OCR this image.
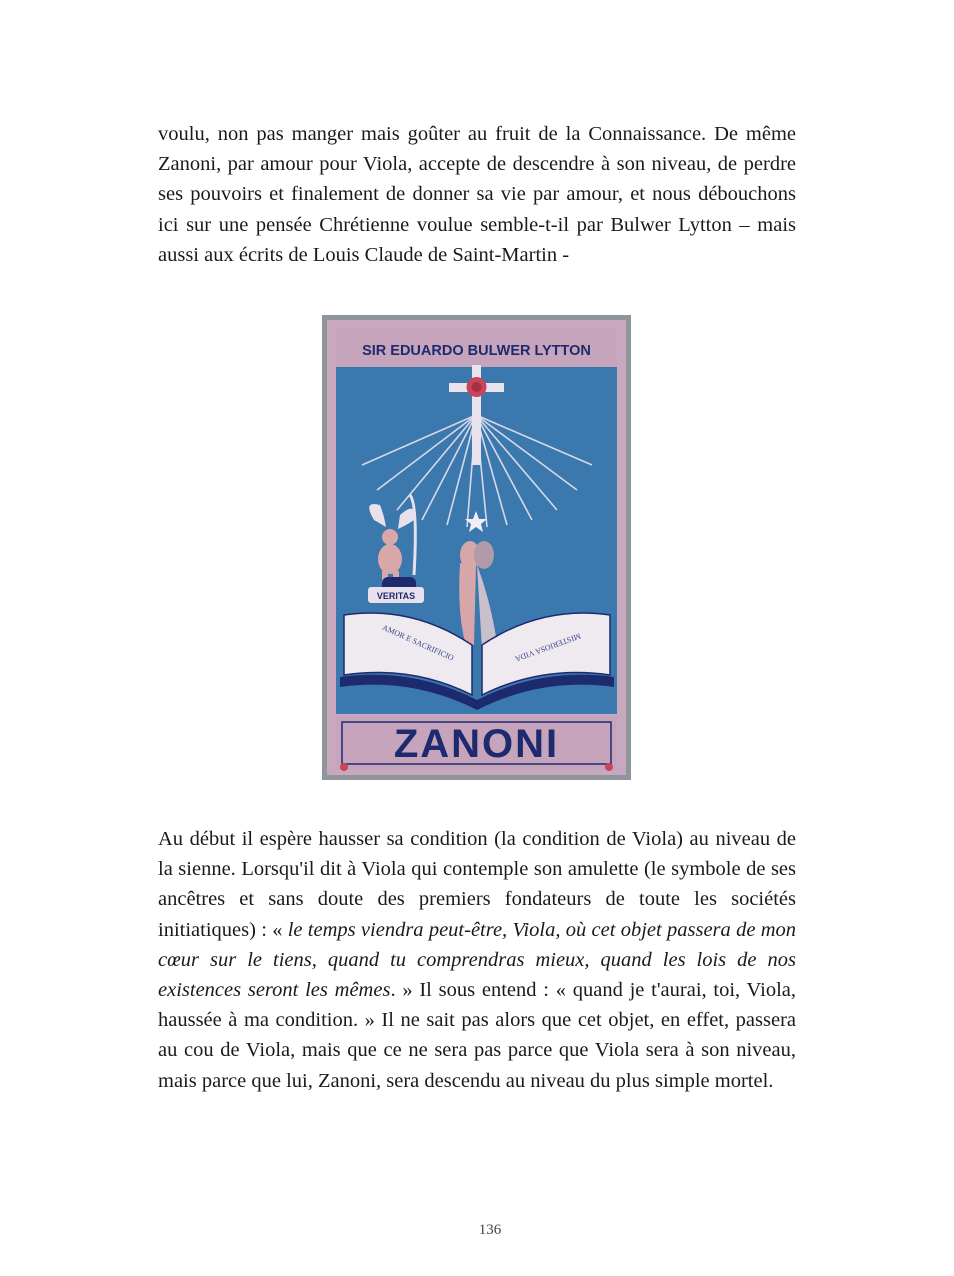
voulu, non pas manger mais goûter au fruit de la Connaissance. De même Zanoni, par amour pour Viola, accepte de descendre à son niveau, de perdre ses pouvoirs et finalement de donner sa vie par amour, et nous débouchons ici sur une pensée Chrétienne voulue semble-t-il par Bulwer Lytton – mais aussi aux écrits de Louis Claude de Saint-Martin -

SIR EDUARDO BULWER LYTTON
VERITAS
AMOR E SACRIFICIO	MISTERIOSA VIDA
ZANONI

Au début il espère hausser sa condition (la condition de Viola) au niveau de la sienne. Lorsqu'il dit à Viola qui contemple son amulette (le symbole de ses ancêtres et sans doute des premiers fondateurs de toute les sociétés initiatiques) : « le temps viendra peut-être, Viola, où cet objet passera de mon cœur sur le tiens, quand tu comprendras mieux, quand les lois de nos existences seront les mêmes. » Il sous entend : « quand je t'aurai, toi, Viola, haussée à ma condition. » Il ne sait pas alors que cet objet, en effet, passera au cou de Viola, mais que ce ne sera pas parce que Viola sera à son niveau, mais parce que lui, Zanoni, sera descendu au niveau du plus simple mortel.

136
